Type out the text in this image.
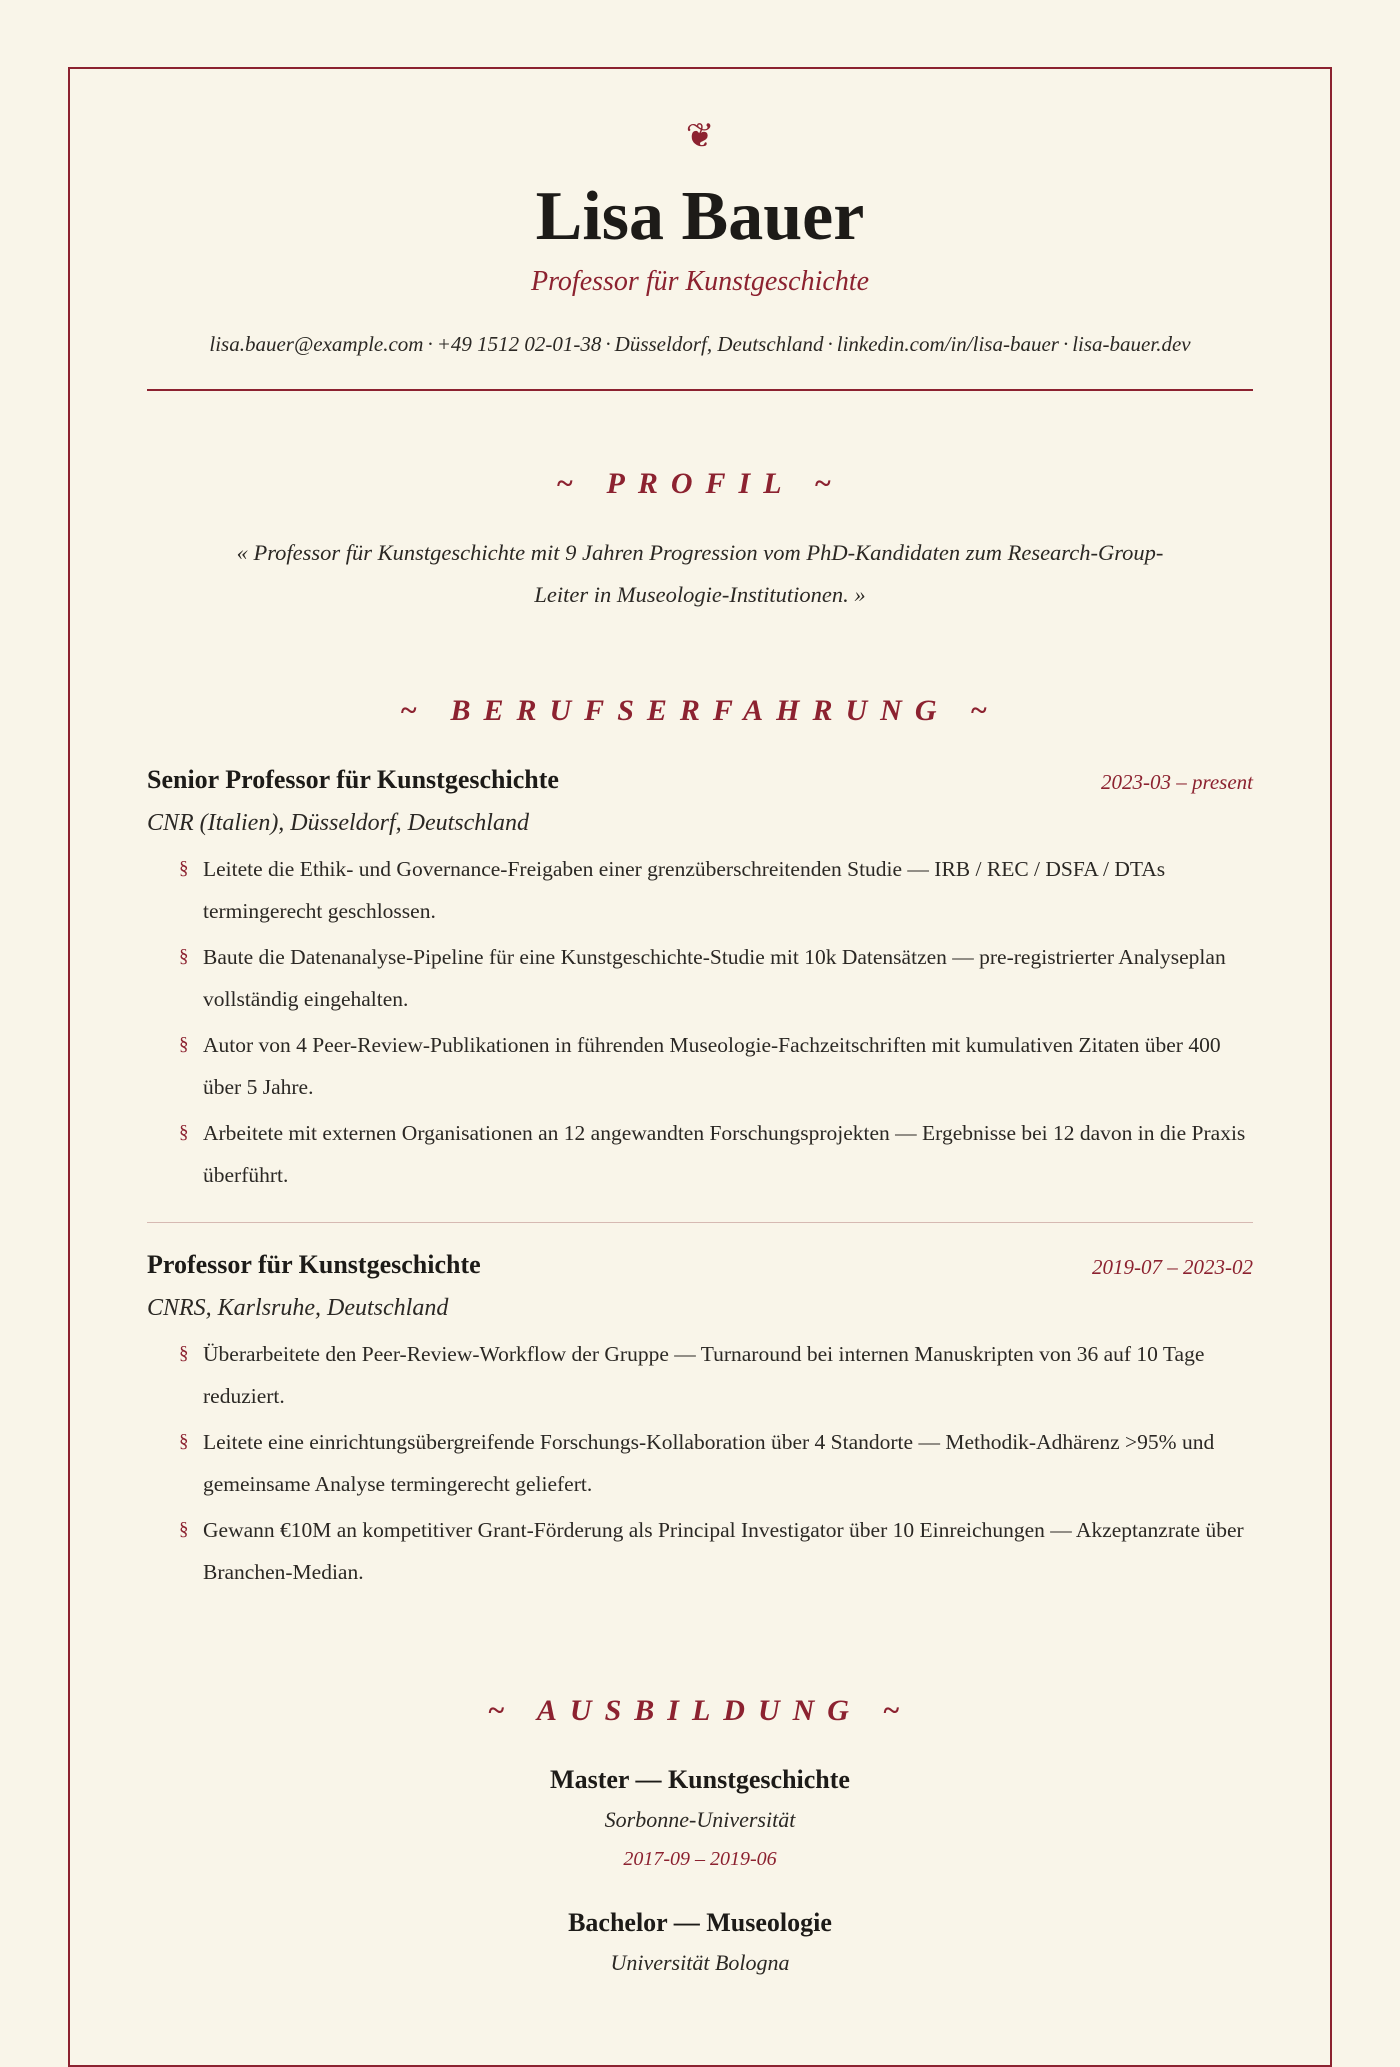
❦
Lisa Bauer
Professor für Kunstgeschichte
lisa.bauer@example.com · +49 1512 02-01-38 · Düsseldorf, Deutschland · linkedin.com/in/lisa-bauer · lisa-bauer.dev
~ PROFIL ~
« Professor für Kunstgeschichte mit 9 Jahren Progression vom PhD-Kandidaten zum Research-Group-Leiter in Museologie-Institutionen. »
~ BERUFSERFAHRUNG ~
Senior Professor für Kunstgeschichte	2023-03 – present
CNR (Italien), Düsseldorf, Deutschland
§ Leitete die Ethik- und Governance-Freigaben einer grenzüberschreitenden Studie — IRB / REC / DSFA / DTAs termingerecht geschlossen.
§ Baute die Datenanalyse-Pipeline für eine Kunstgeschichte-Studie mit 10k Datensätzen — pre-registrierter Analyseplan vollständig eingehalten.
§ Autor von 4 Peer-Review-Publikationen in führenden Museologie-Fachzeitschriften mit kumulativen Zitaten über 400 über 5 Jahre.
§ Arbeitete mit externen Organisationen an 12 angewandten Forschungsprojekten — Ergebnisse bei 12 davon in die Praxis überführt.
Professor für Kunstgeschichte	2019-07 – 2023-02
CNRS, Karlsruhe, Deutschland
§ Überarbeitete den Peer-Review-Workflow der Gruppe — Turnaround bei internen Manuskripten von 36 auf 10 Tage reduziert.
§ Leitete eine einrichtungsübergreifende Forschungs-Kollaboration über 4 Standorte — Methodik-Adhärenz >95% und gemeinsame Analyse termingerecht geliefert.
§ Gewann €10M an kompetitiver Grant-Förderung als Principal Investigator über 10 Einreichungen — Akzeptanzrate über Branchen-Median.
~ AUSBILDUNG ~
Master — Kunstgeschichte
Sorbonne-Universität
2017-09 – 2019-06
Bachelor — Museologie
Universität Bologna
